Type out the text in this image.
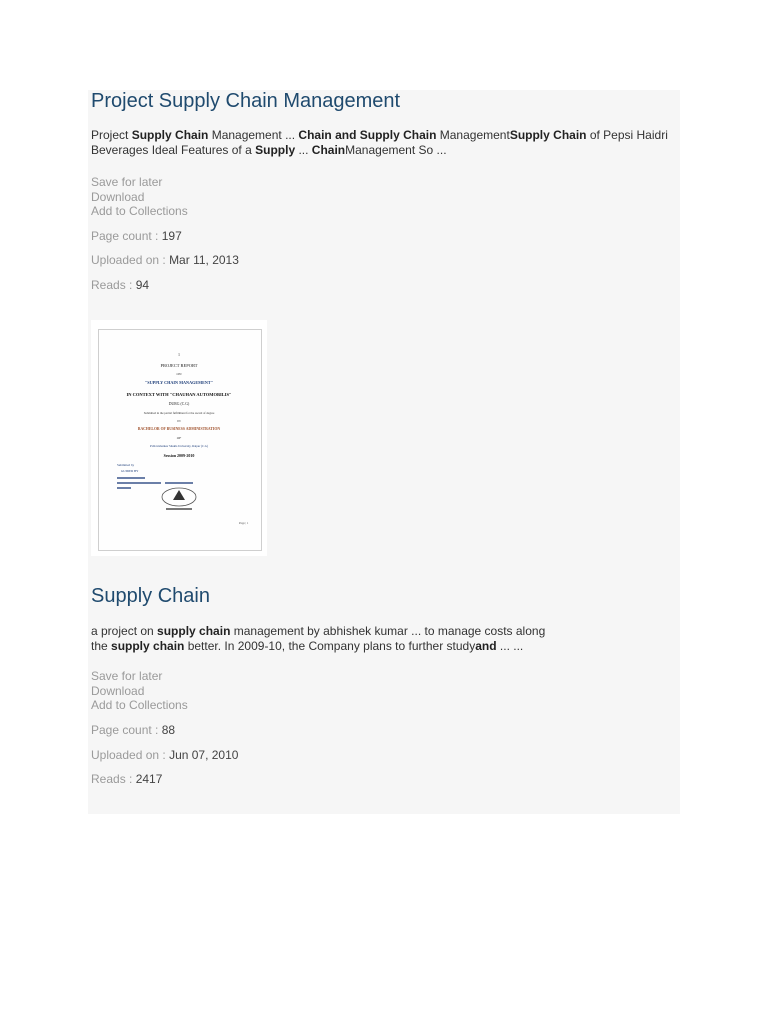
Project Supply Chain Management

Project Supply Chain Management ... Chain and Supply Chain ManagementSupply Chain of Pepsi Haidri Beverages Ideal Features of a Supply ... ChainManagement So ...

Save for later
Download
Add to Collections
Page count : 197
Uploaded on : Mar 11, 2013
Reads : 94
1
PROJECT REPORT
ON
"SUPPLY CHAIN MANAGEMENT"
IN CONTEXT WITH "CHAUHAN AUTOMOBILIS"
DURG (C.G)
Submitted in the partial fulfillment for the award of degree
IN
BACHELOR OF BUSINESS ADMINISTRATION
OF
Pt.Ravishankar Shukla University, Raipur (C.G)
Session 2009-2010
Submitted by
GUIDED BY
Page | 1
Supply Chain

a project on supply chain management by abhishek kumar ... to manage costs along

the supply chain better. In 2009-10, the Company plans to further studyand ... ...

Save for later
Download
Add to Collections
Page count : 88
Uploaded on : Jun 07, 2010
Reads : 2417
